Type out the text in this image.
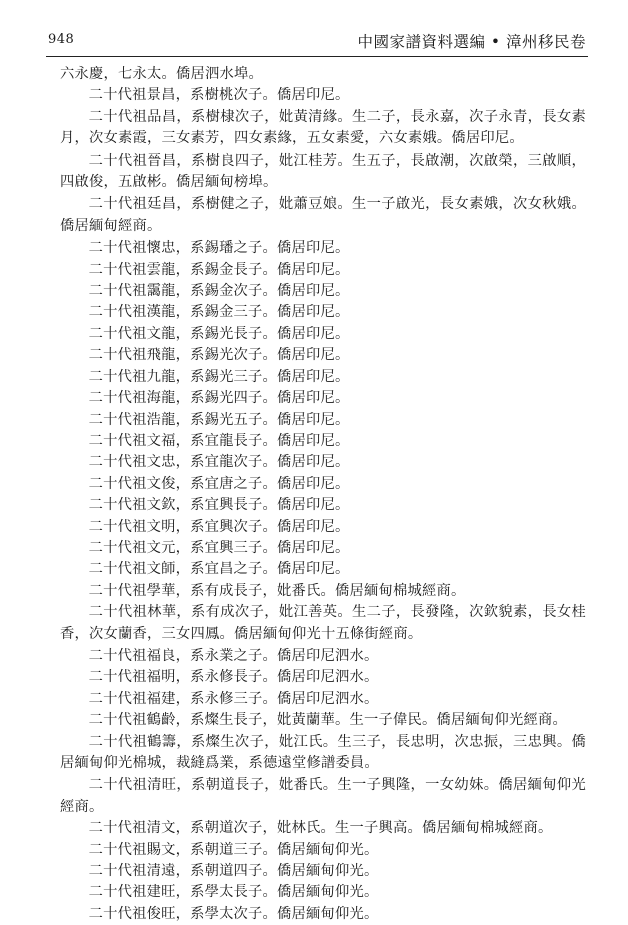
948	中國家譜資料選編 • 漳州移民卷

六永慶，七永太。僑居泗水埠。

二十代祖景昌，系樹桃次子。僑居印尼。

二十代祖品昌，系樹棣次子，妣黃清緣。生二子，長永嘉，次子永青，長女素月，次女素霞，三女素芳，四女素緣，五女素愛，六女素娥。僑居印尼。

二十代祖晉昌，系樹良四子，妣江桂芳。生五子，長啟潮，次啟榮，三啟順，四啟俊，五啟彬。僑居緬甸榜埠。

二十代祖廷昌，系樹健之子，妣蕭豆娘。生一子啟光，長女素娥，次女秋娥。僑居緬甸經商。

二十代祖懷忠，系錫璠之子。僑居印尼。

二十代祖雲龍，系錫金長子。僑居印尼。

二十代祖靄龍，系錫金次子。僑居印尼。

二十代祖漢龍，系錫金三子。僑居印尼。

二十代祖文龍，系錫光長子。僑居印尼。

二十代祖飛龍，系錫光次子。僑居印尼。

二十代祖九龍，系錫光三子。僑居印尼。

二十代祖海龍，系錫光四子。僑居印尼。

二十代祖浩龍，系錫光五子。僑居印尼。

二十代祖文福，系宜龍長子。僑居印尼。

二十代祖文忠，系宜龍次子。僑居印尼。

二十代祖文俊，系宜唐之子。僑居印尼。

二十代祖文欽，系宜興長子。僑居印尼。

二十代祖文明，系宜興次子。僑居印尼。

二十代祖文元，系宜興三子。僑居印尼。

二十代祖文師，系宜昌之子。僑居印尼。

二十代祖學華，系有成長子，妣番氏。僑居緬甸棉城經商。

二十代祖林華，系有成次子，妣江善英。生二子，長發隆，次欽貌素，長女桂香，次女蘭香，三女四鳳。僑居緬甸仰光十五條街經商。

二十代祖福良，系永業之子。僑居印尼泗水。

二十代祖福明，系永修長子。僑居印尼泗水。

二十代祖福建，系永修三子。僑居印尼泗水。

二十代祖鶴齡，系燦生長子，妣黃蘭華。生一子偉民。僑居緬甸仰光經商。

二十代祖鶴籌，系燦生次子，妣江氏。生三子，長忠明，次忠振，三忠興。僑居緬甸仰光棉城，裁縫爲業，系德遠堂修譜委員。

二十代祖清旺，系朝道長子，妣番氏。生一子興隆，一女幼妹。僑居緬甸仰光經商。

二十代祖清文，系朝道次子，妣林氏。生一子興高。僑居緬甸棉城經商。

二十代祖賜文，系朝道三子。僑居緬甸仰光。

二十代祖清遠，系朝道四子。僑居緬甸仰光。

二十代祖建旺，系學太長子。僑居緬甸仰光。

二十代祖俊旺，系學太次子。僑居緬甸仰光。
